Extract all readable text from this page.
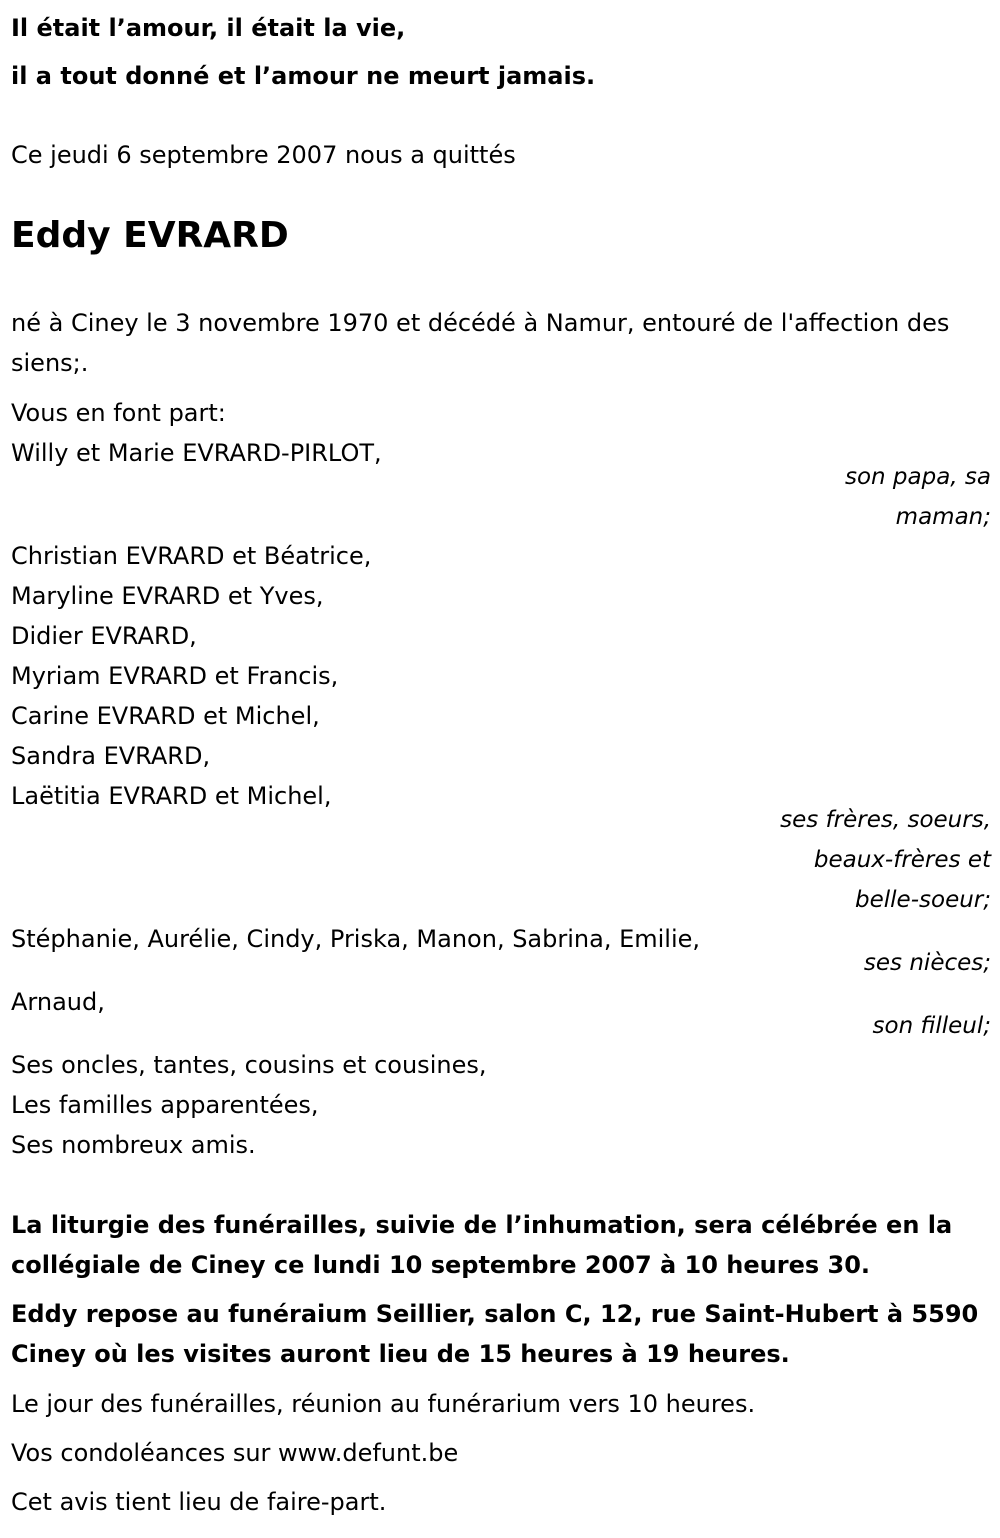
Il était l’amour, il était la vie,
il a tout donné et l’amour ne meurt jamais.
Ce jeudi 6 septembre 2007 nous a quittés
Eddy EVRARD
né à Ciney le 3 novembre 1970 et décédé à Namur, entouré de l'affection des siens;.
Vous en font part:
Willy et Marie EVRARD-PIRLOT,
son papa, sa maman;
Christian EVRARD et Béatrice,
Maryline EVRARD et Yves,
Didier EVRARD,
Myriam EVRARD et Francis,
Carine EVRARD et Michel,
Sandra EVRARD,
Laëtitia EVRARD et Michel,
ses frères, soeurs, beaux-frères et belle-soeur;
Stéphanie, Aurélie, Cindy, Priska, Manon, Sabrina, Emilie,
ses nièces;
Arnaud,
son filleul;
Ses oncles, tantes, cousins et cousines,
Les familles apparentées,
Ses nombreux amis.
La liturgie des funérailles, suivie de l’inhumation, sera célébrée en la collégiale de Ciney ce lundi 10 septembre 2007 à 10 heures 30.
Eddy repose au funéraium Seillier, salon C, 12, rue Saint-Hubert à 5590 Ciney où les visites auront lieu de 15 heures à 19 heures.
Le jour des funérailles, réunion au funérarium vers 10 heures.
Vos condoléances sur www.defunt.be
Cet avis tient lieu de faire-part.
